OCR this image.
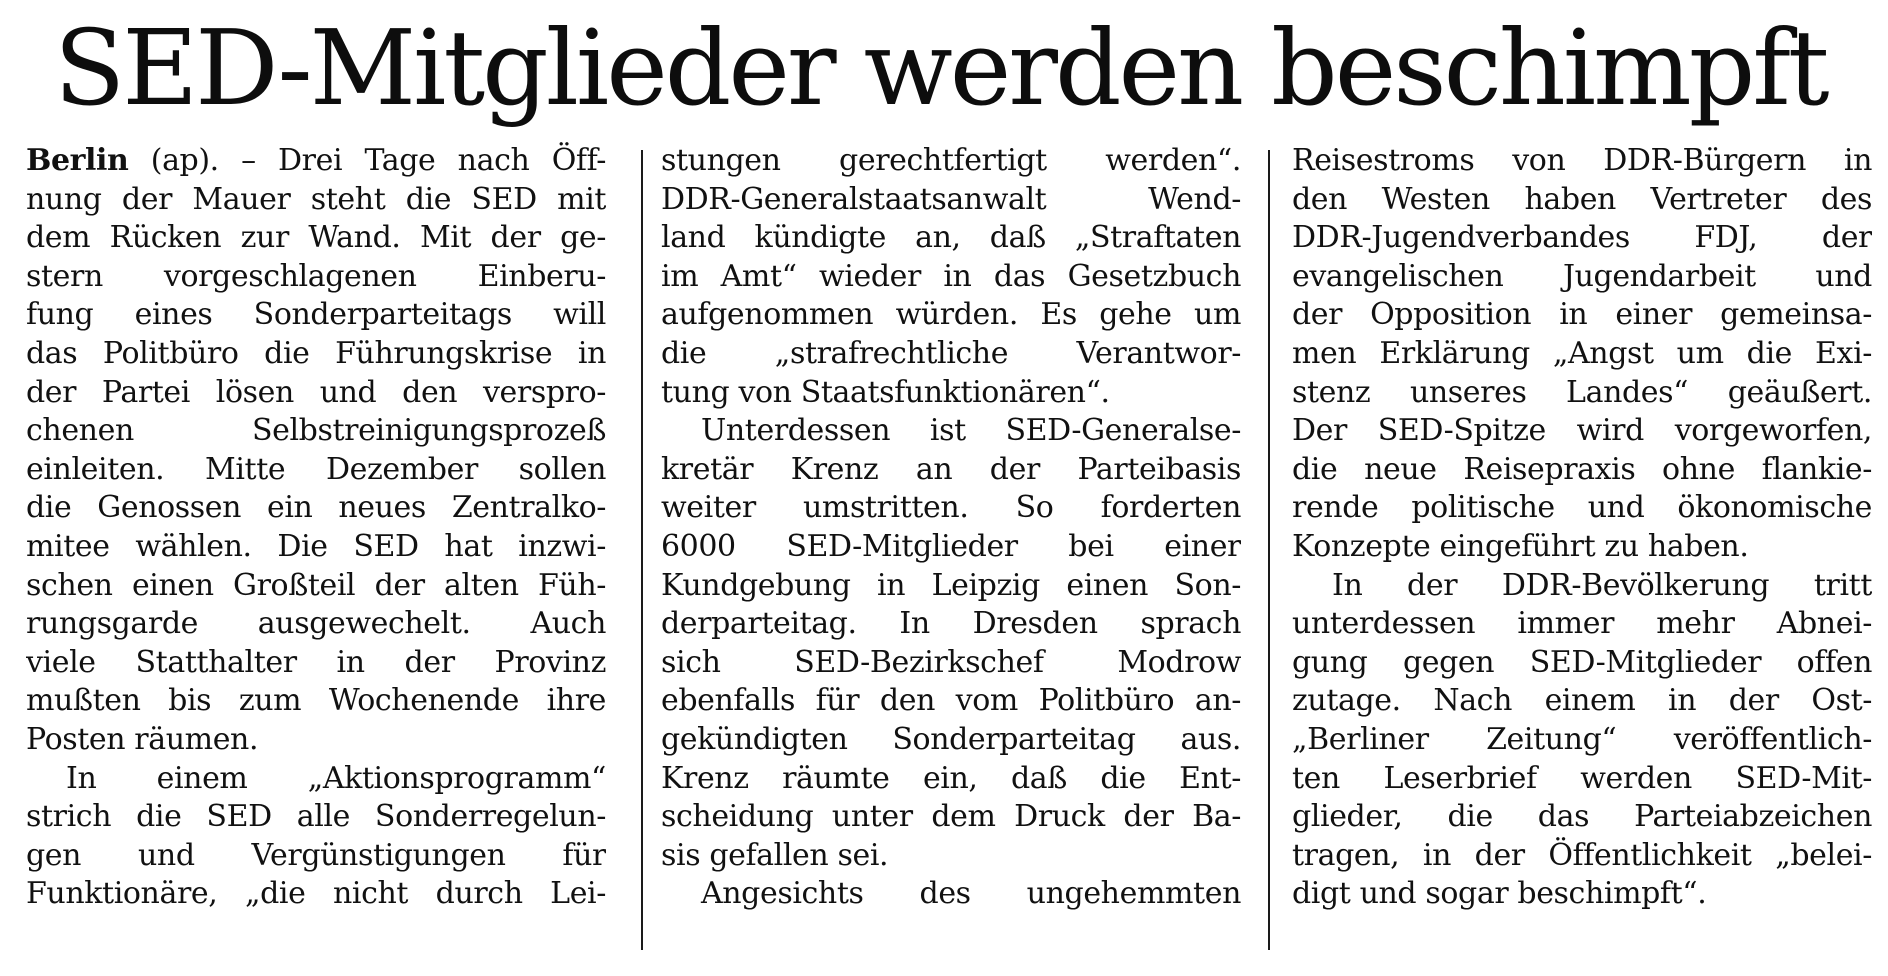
SED-Mitglieder werden beschimpft
Berlin (ap). – Drei Tage nach Öff-
nung der Mauer steht die SED mit
dem Rücken zur Wand. Mit der ge-
stern vorgeschlagenen Einberu-
fung eines Sonderparteitags will
das Politbüro die Führungskrise in
der Partei lösen und den verspro-
chenen Selbstreinigungsprozeß
einleiten. Mitte Dezember sollen
die Genossen ein neues Zentralko-
mitee wählen. Die SED hat inzwi-
schen einen Großteil der alten Füh-
rungsgarde ausgewechelt. Auch
viele Statthalter in der Provinz
mußten bis zum Wochenende ihre
Posten räumen.
In einem „Aktionsprogramm“
strich die SED alle Sonderregelun-
gen und Vergünstigungen für
Funktionäre, „die nicht durch Lei-
stungen gerechtfertigt werden“.
DDR-Generalstaatsanwalt Wend-
land kündigte an, daß „Straftaten
im Amt“ wieder in das Gesetzbuch
aufgenommen würden. Es gehe um
die „strafrechtliche Verantwor-
tung von Staatsfunktionären“.
Unterdessen ist SED-Generalse-
kretär Krenz an der Parteibasis
weiter umstritten. So forderten
6000 SED-Mitglieder bei einer
Kundgebung in Leipzig einen Son-
derparteitag. In Dresden sprach
sich SED-Bezirkschef Modrow
ebenfalls für den vom Politbüro an-
gekündigten Sonderparteitag aus.
Krenz räumte ein, daß die Ent-
scheidung unter dem Druck der Ba-
sis gefallen sei.
Angesichts des ungehemmten
Reisestroms von DDR-Bürgern in
den Westen haben Vertreter des
DDR-Jugendverbandes FDJ, der
evangelischen Jugendarbeit und
der Opposition in einer gemeinsa-
men Erklärung „Angst um die Exi-
stenz unseres Landes“ geäußert.
Der SED-Spitze wird vorgeworfen,
die neue Reisepraxis ohne flankie-
rende politische und ökonomische
Konzepte eingeführt zu haben.
In der DDR-Bevölkerung tritt
unterdessen immer mehr Abnei-
gung gegen SED-Mitglieder offen
zutage. Nach einem in der Ost-
„Berliner Zeitung“ veröffentlich-
ten Leserbrief werden SED-Mit-
glieder, die das Parteiabzeichen
tragen, in der Öffentlichkeit „belei-
digt und sogar beschimpft“.
